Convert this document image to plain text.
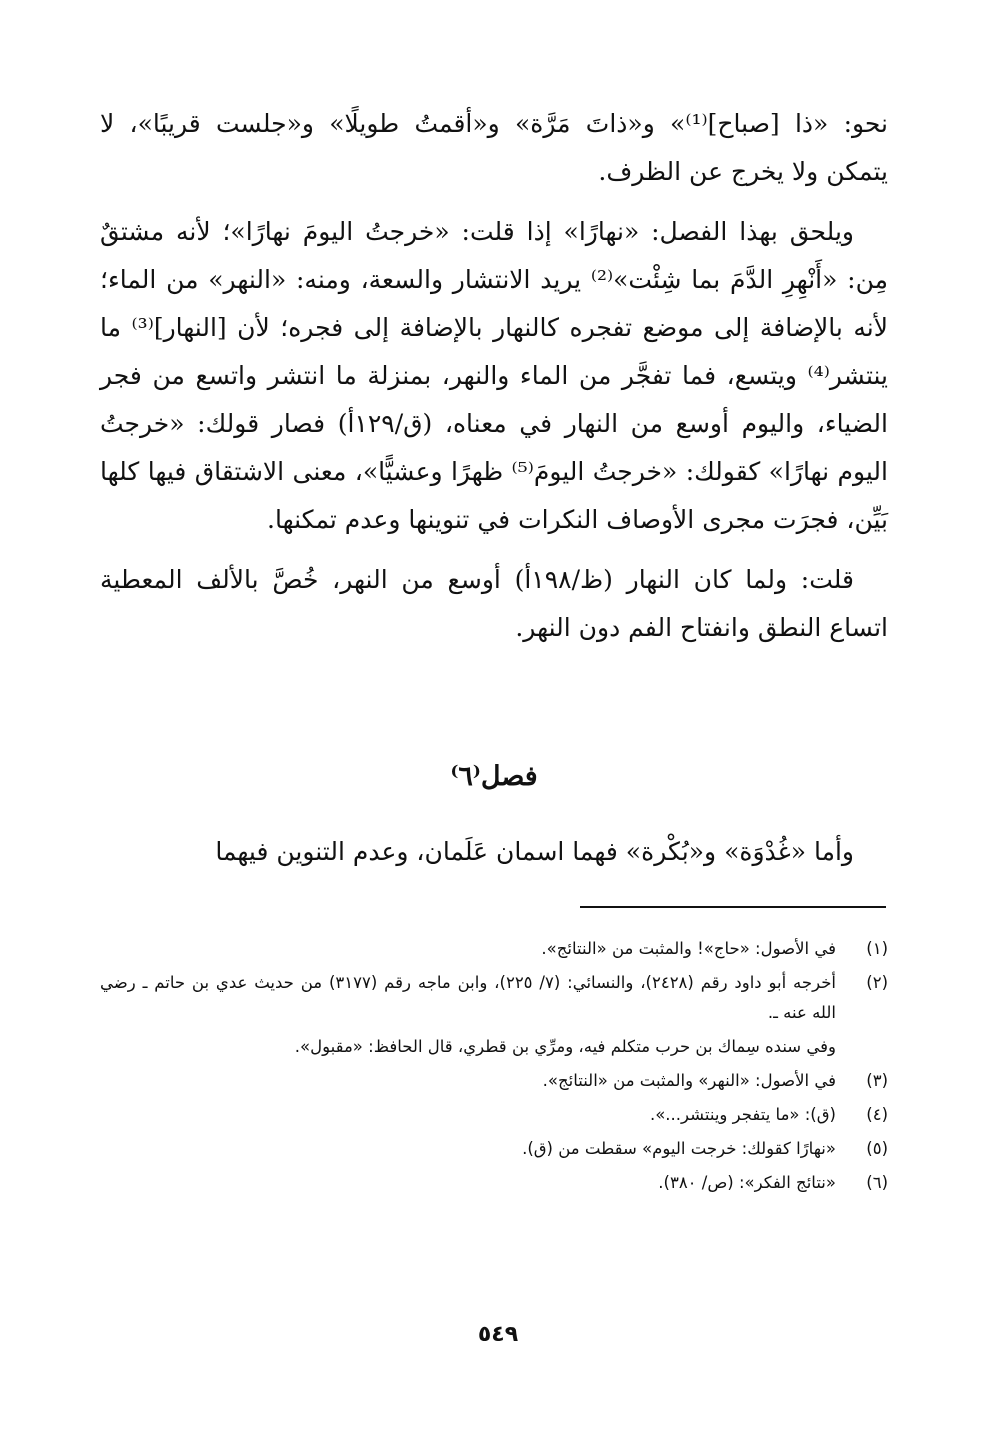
نحو: «ذا [صباح]⁽¹⁾» و«ذاتَ مَرَّة» و«أقمتُ طويلًا» و«جلست قريبًا»، لا يتمكن ولا يخرج عن الظرف.

ويلحق بهذا الفصل: «نهارًا» إذا قلت: «خرجتُ اليومَ نهارًا»؛ لأنه مشتقٌ مِن: «أَنْهِرِ الدَّمَ بما شِئْت»⁽²⁾ يريد الانتشار والسعة، ومنه: «النهر» من الماء؛ لأنه بالإضافة إلى موضع تفجره كالنهار بالإضافة إلى فجره؛ لأن [النهار]⁽³⁾ ما ينتشر⁽⁴⁾ ويتسع، فما تفجَّر من الماء والنهر، بمنزلة ما انتشر واتسع من فجر الضياء، واليوم أوسع من النهار في معناه، (ق/١٢٩أ) فصار قولك: «خرجتُ اليوم نهارًا» كقولك: «خرجتُ اليومَ⁽⁵⁾ ظهرًا وعشيًّا»، معنى الاشتقاق فيها كلها بَيِّن، فجرَت مجرى الأوصاف النكرات في تنوينها وعدم تمكنها.

قلت: ولما كان النهار (ظ/١٩٨أ) أوسع من النهر، خُصَّ بالألف المعطية اتساع النطق وانفتاح الفم دون النهر.

فصل⁽٦⁾
وأما «غُدْوَة» و«بُكْرة» فهما اسمان عَلَمان، وعدم التنوين فيهما
(١)
في الأصول: «حاج»! والمثبت من «النتائج».
(٢)
أخرجه أبو داود رقم (٢٤٢٨)، والنسائي: (٧/ ٢٢٥)، وابن ماجه رقم (٣١٧٧) من حديث عدي بن حاتم ـ رضي الله عنه ـ.
وفي سنده سِماك بن حرب متكلم فيه، ومرِّي بن قطري، قال الحافظ: «مقبول».
(٣)
في الأصول: «النهر» والمثبت من «النتائج».
(٤)
(ق): «ما يتفجر وينتشر...».
(٥)
«نهارًا كقولك: خرجت اليوم» سقطت من (ق).
(٦)
«نتائج الفكر»: (ص/ ٣٨٠).
٥٤٩
